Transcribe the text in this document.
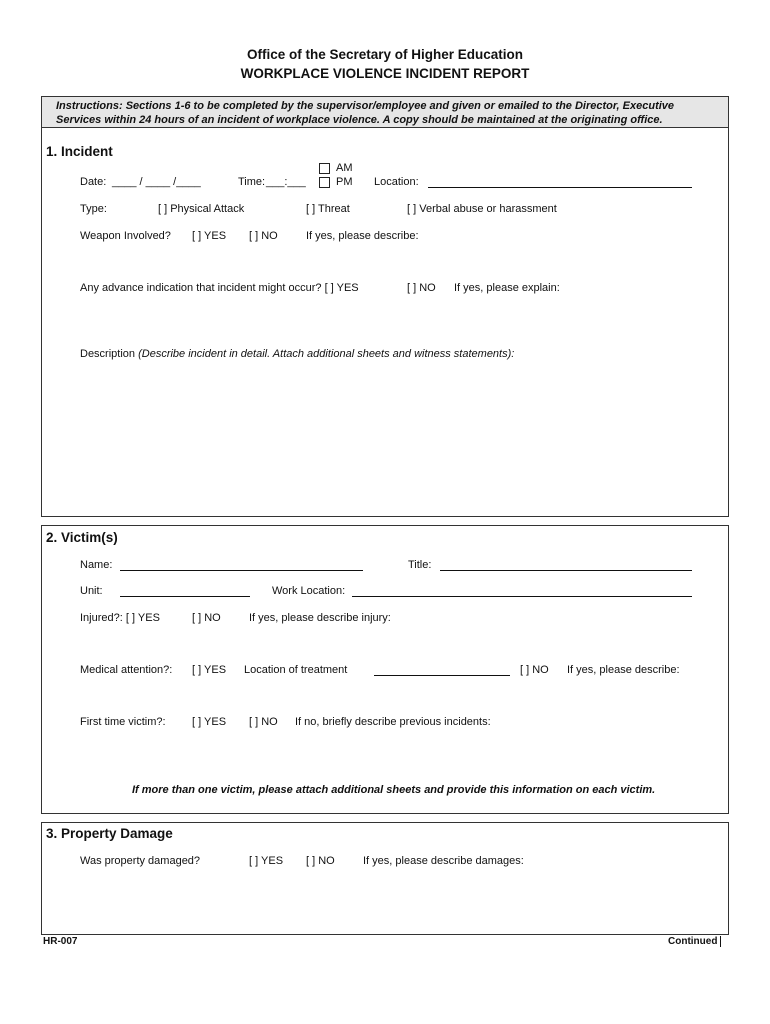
Office of the Secretary of Higher Education
WORKPLACE VIOLENCE INCIDENT REPORT
Instructions: Sections 1-6 to be completed by the supervisor/employee and given or emailed to the Director, Executive
Services within 24 hours of an incident of workplace violence. A copy should be maintained at the originating office.
1. Incident
Date: ____ / ____ /____	Time: ___:___
AM
PM Location:
Type:	[ ] Physical Attack	[ ] Threat	[ ] Verbal abuse or harassment
Weapon Involved? [ ] YES [ ] NO	If yes, please describe:
Any advance indication that incident might occur? [ ] YES	[ ] NO If yes, please explain:
Description (Describe incident in detail. Attach additional sheets and witness statements):
2. Victim(s)
Name:	Title:
Unit:	Work Location:
Injured?: [ ] YES	[ ] NO	If yes, please describe injury:
Medical attention?: [ ] YES Location of treatment	[ ] NO If yes, please describe:
First time victim?: [ ] YES [ ] NO If no, briefly describe previous incidents:
If more than one victim, please attach additional sheets and provide this information on each victim.
3. Property Damage
Was property damaged?	[ ] YES [ ] NO	If yes, please describe damages:
HR-007	Continued
